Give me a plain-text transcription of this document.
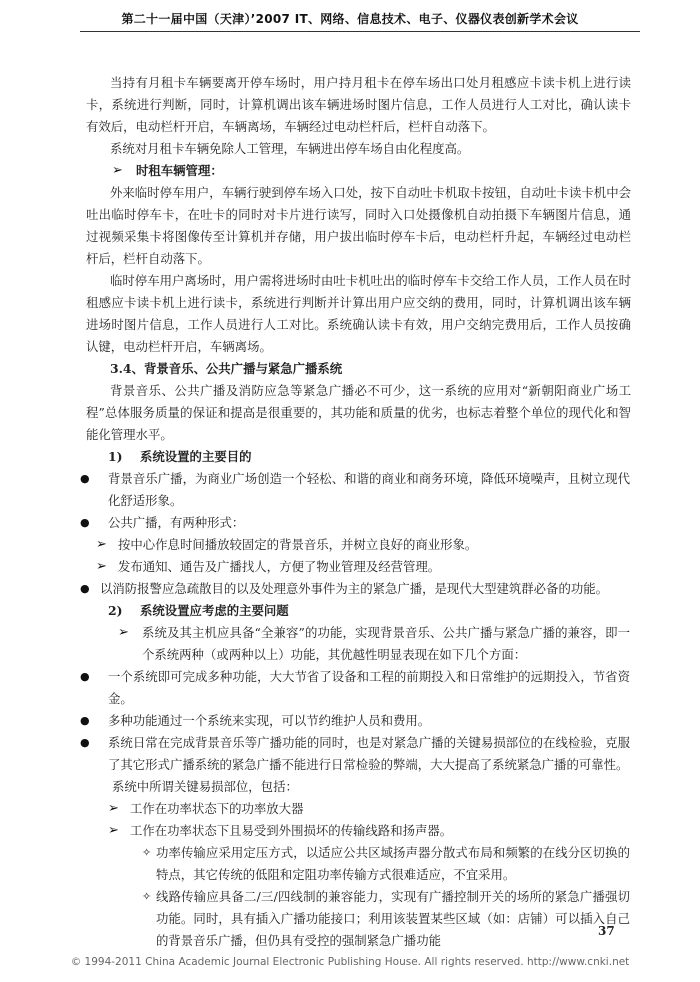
第二十一届中国（天津）’2007 IT、网络、信息技术、电子、仪器仪表创新学术会议

当持有月租卡车辆要离开停车场时，用户持月租卡在停车场出口处月租感应卡读卡机上进行读卡，系统进行判断，同时，计算机调出该车辆进场时图片信息，工作人员进行人工对比，确认读卡有效后，电动栏杆开启，车辆离场，车辆经过电动栏杆后，栏杆自动落下。

系统对月租卡车辆免除人工管理，车辆进出停车场自由化程度高。

➢ 时租车辆管理：

外来临时停车用户，车辆行驶到停车场入口处，按下自动吐卡机取卡按钮，自动吐卡读卡机中会吐出临时停车卡，在吐卡的同时对卡片进行读写，同时入口处摄像机自动拍摄下车辆图片信息，通过视频采集卡将图像传至计算机并存储，用户拔出临时停车卡后，电动栏杆升起，车辆经过电动栏杆后，栏杆自动落下。

临时停车用户离场时，用户需将进场时由吐卡机吐出的临时停车卡交给工作人员，工作人员在时租感应卡读卡机上进行读卡，系统进行判断并计算出用户应交纳的费用，同时，计算机调出该车辆进场时图片信息，工作人员进行人工对比。系统确认读卡有效，用户交纳完费用后，工作人员按确认键，电动栏杆开启，车辆离场。

3.4、背景音乐、公共广播与紧急广播系统

背景音乐、公共广播及消防应急等紧急广播必不可少，这一系统的应用对“新朝阳商业广场工程”总体服务质量的保证和提高是很重要的，其功能和质量的优劣，也标志着整个单位的现代化和智能化管理水平。

1) 系统设置的主要目的

● 背景音乐广播，为商业广场创造一个轻松、和谐的商业和商务环境，降低环境噪声，且树立现代化舒适形象。

● 公共广播，有两种形式：

➢ 按中心作息时间播放较固定的背景音乐，并树立良好的商业形象。

➢ 发布通知、通告及广播找人，方便了物业管理及经营管理。

● 以消防报警应急疏散目的以及处理意外事件为主的紧急广播，是现代大型建筑群必备的功能。

2) 系统设置应考虑的主要问题

➢ 系统及其主机应具备“全兼容”的功能，实现背景音乐、公共广播与紧急广播的兼容，即一个系统两种（或两种以上）功能，其优越性明显表现在如下几个方面：

● 一个系统即可完成多种功能，大大节省了设备和工程的前期投入和日常维护的远期投入，节省资金。

● 多种功能通过一个系统来实现，可以节约维护人员和费用。

● 系统日常在完成背景音乐等广播功能的同时，也是对紧急广播的关键易损部位的在线检验，克服了其它形式广播系统的紧急广播不能进行日常检验的弊端，大大提高了系统紧急广播的可靠性。

系统中所谓关键易损部位，包括：

➢ 工作在功率状态下的功率放大器

➢ 工作在功率状态下且易受到外围损坏的传输线路和扬声器。

✧ 功率传输应采用定压方式，以适应公共区域扬声器分散式布局和频繁的在线分区切换的特点，其它传统的低阻和定阻功率传输方式很难适应，不宜采用。

✧ 线路传输应具备二/三/四线制的兼容能力，实现有广播控制开关的场所的紧急广播强切功能。同时，具有插入广播功能接口；利用该装置某些区域（如：店铺）可以插入自己的背景音乐广播，但仍具有受控的强制紧急广播功能

37
© 1994-2011 China Academic Journal Electronic Publishing House. All rights reserved. http://www.cnki.net
